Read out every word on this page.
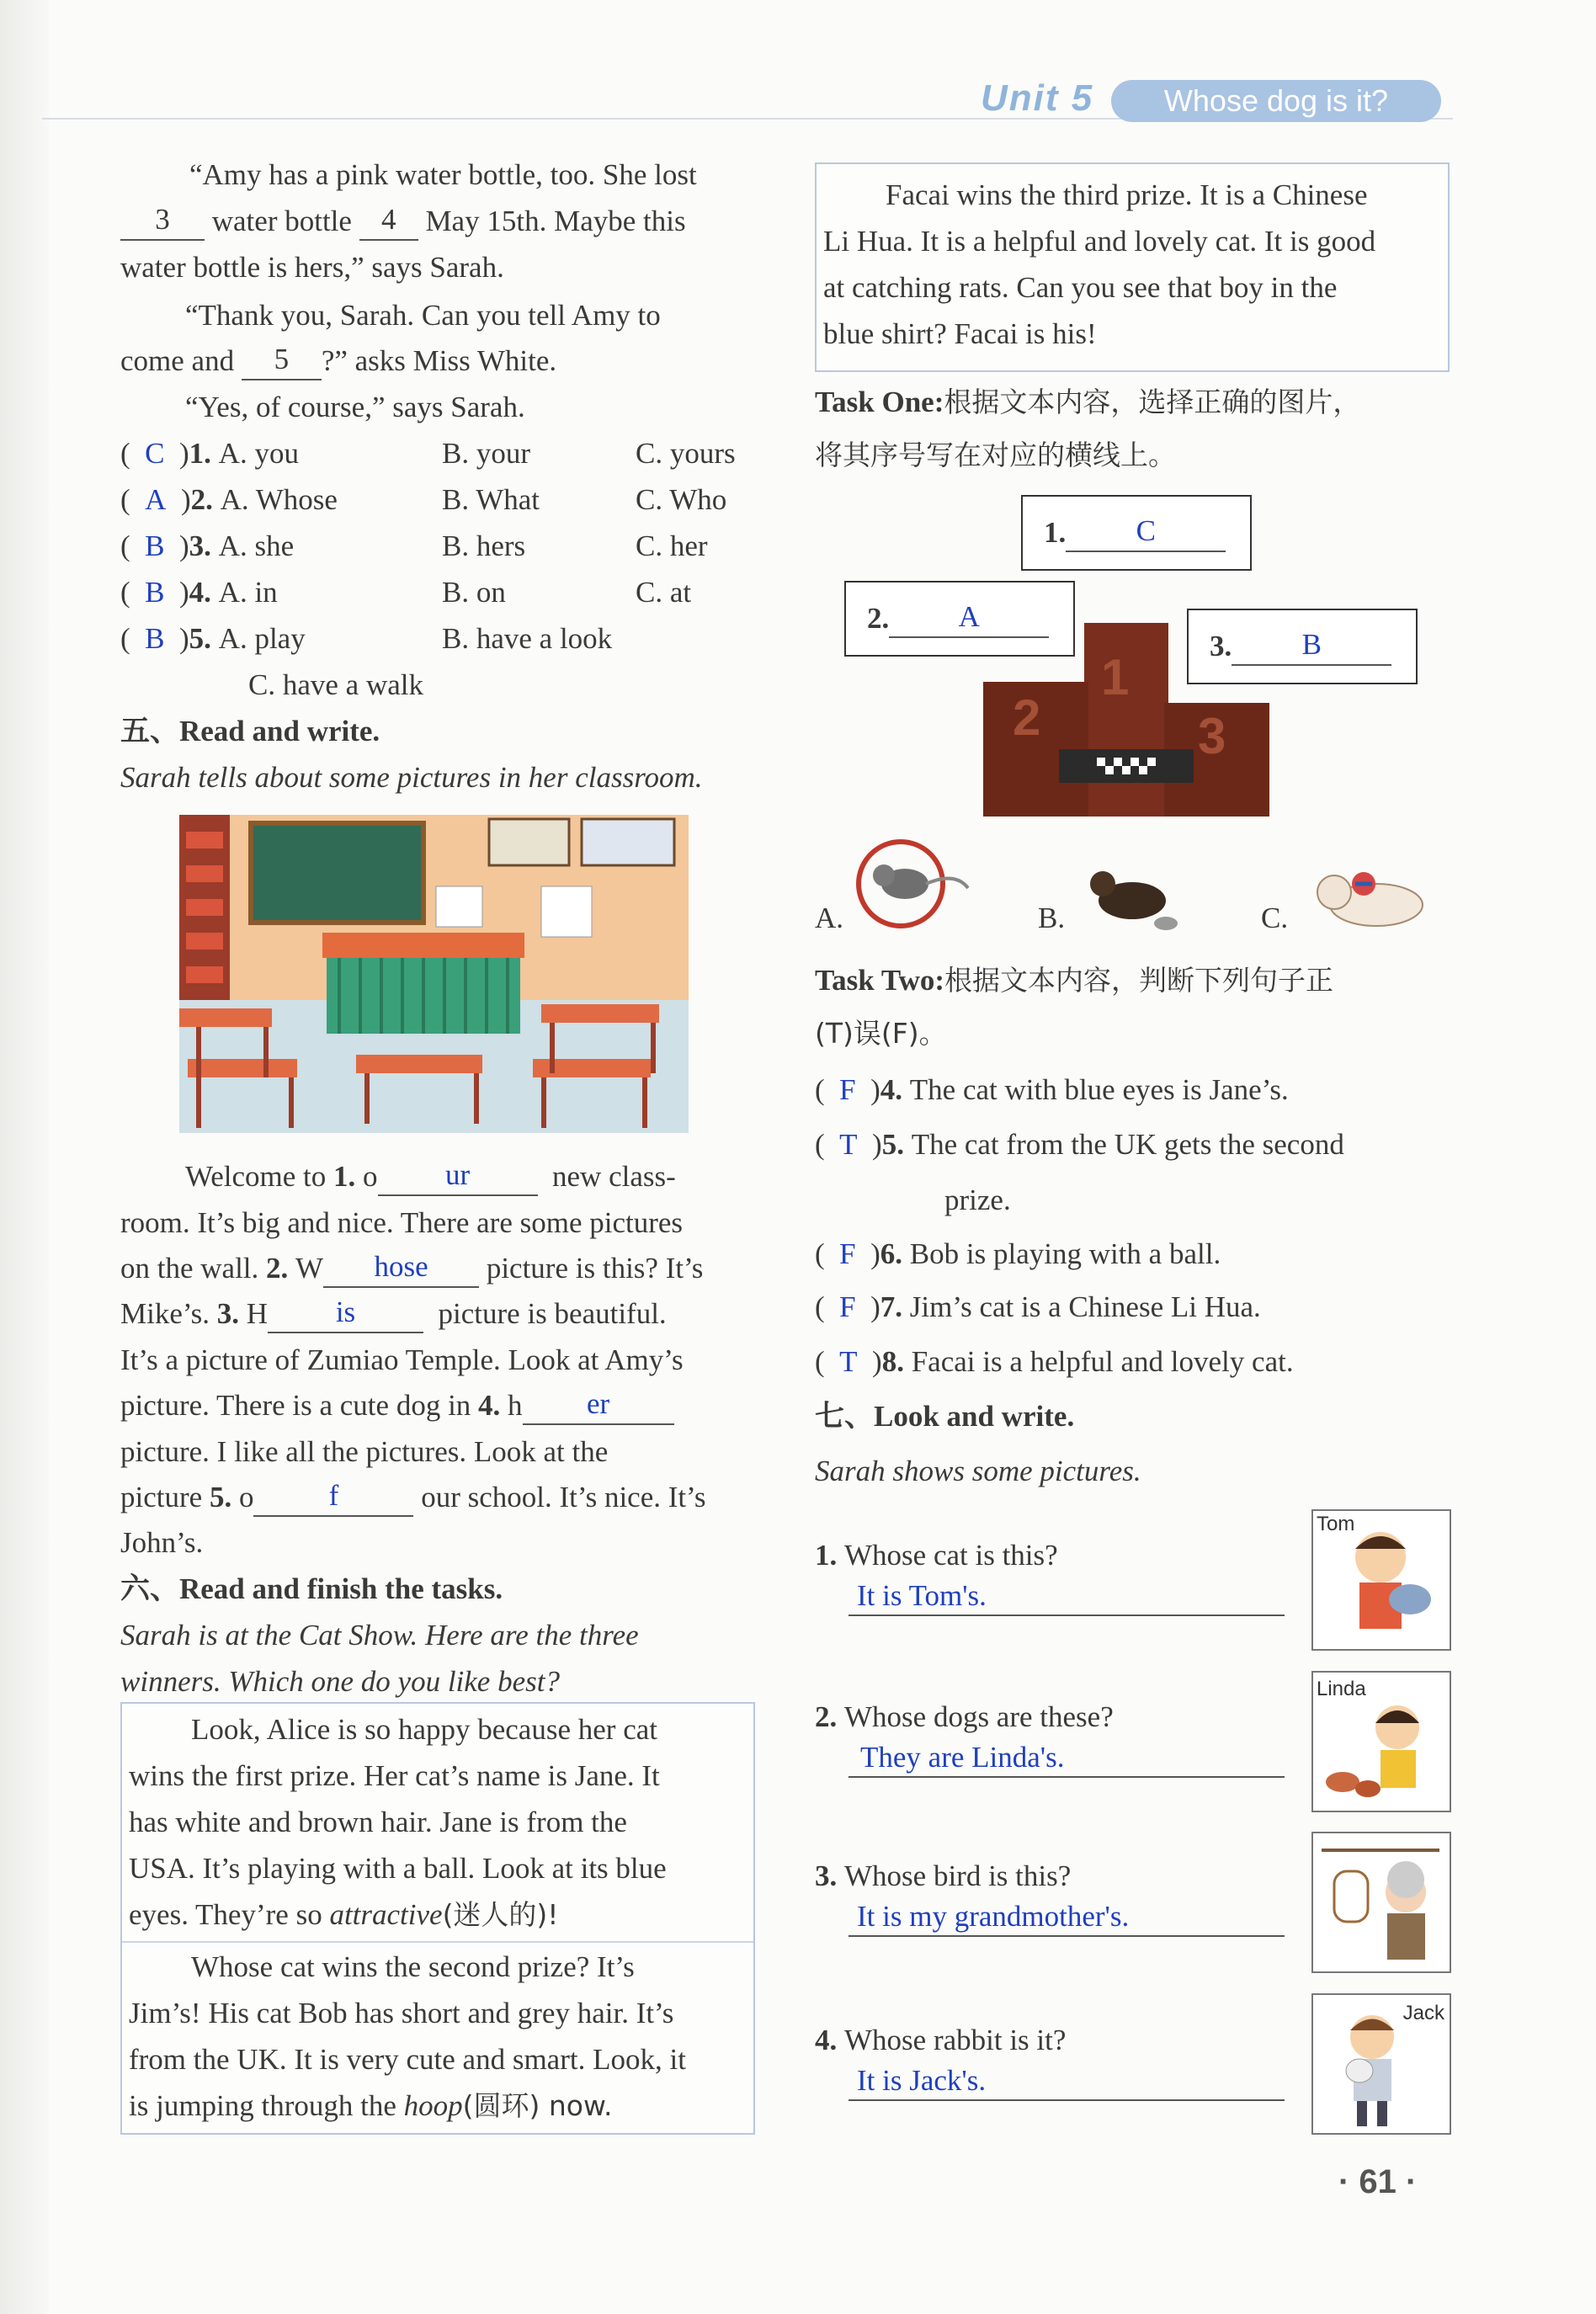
Unit 5	Whose dog is it?
“Amy has a pink water bottle, too. She lost
3 water bottle 4 May 15th. Maybe this
water bottle is hers,” says Sarah.
“Thank you, Sarah. Can you tell Amy to
come and 5 ?” asks Miss White.
“Yes, of course,” says Sarah.
(  C  )1. A. you	B. your	C. yours
(  A  )2. A. Whose	B. What	C. Who
(  B  )3. A. she	B. hers	C. her
(  B  )4. A. in	B. on	C. at
(  B  )5. A. play	B. have a look
C. have a walk
五、Read and write.
Sarah tells about some pictures in her classroom.
Welcome to 1. o ur	new class-
room. It’s big and nice. There are some pictures
on the wall. 2. W hose picture is this? It’s
Mike’s. 3. H is	picture is beautiful.
It’s a picture of Zumiao Temple. Look at Amy’s
picture. There is a cute dog in 4. h er
picture. I like all the pictures. Look at the
picture 5. o	f	our school. It’s nice. It’s
John’s.
六、Read and finish the tasks.
Sarah is at the Cat Show. Here are the three
winners. Which one do you like best?
Look, Alice is so happy because her cat
wins the first prize. Her cat’s name is Jane. It
has white and brown hair. Jane is from the
USA. It’s playing with a ball. Look at its blue
eyes. They’re so attractive(迷人的)!
Whose cat wins the second prize? It’s
Jim’s! His cat Bob has short and grey hair. It’s
from the UK. It is very cute and smart. Look, it
is jumping through the hoop(圆环) now.
Facai wins the third prize. It is a Chinese
Li Hua. It is a helpful and lovely cat. It is good
at catching rats. Can you see that boy in the
blue shirt? Facai is his!
Task One:根据文本内容，选择正确的图片，
将其序号写在对应的横线上。
1. C
2. A
3. B
1
2	3
A.	B.	C.
Task Two:根据文本内容，判断下列句子正
(T)误(F)。
(  F  )4. The cat with blue eyes is Jane’s.
(  T  )5. The cat from the UK gets the second
prize.
(  F  )6. Bob is playing with a ball.
(  F  )7. Jim’s cat is a Chinese Li Hua.
(  T  )8. Facai is a helpful and lovely cat.
七、Look and write.
Sarah shows some pictures.
1. Whose cat is this?
It is Tom's.
Tom
2. Whose dogs are these?
They are Linda's.
Linda
3. Whose bird is this?
It is my grandmother's.
4. Whose rabbit is it?
It is Jack's.
Jack
· 61 ·
